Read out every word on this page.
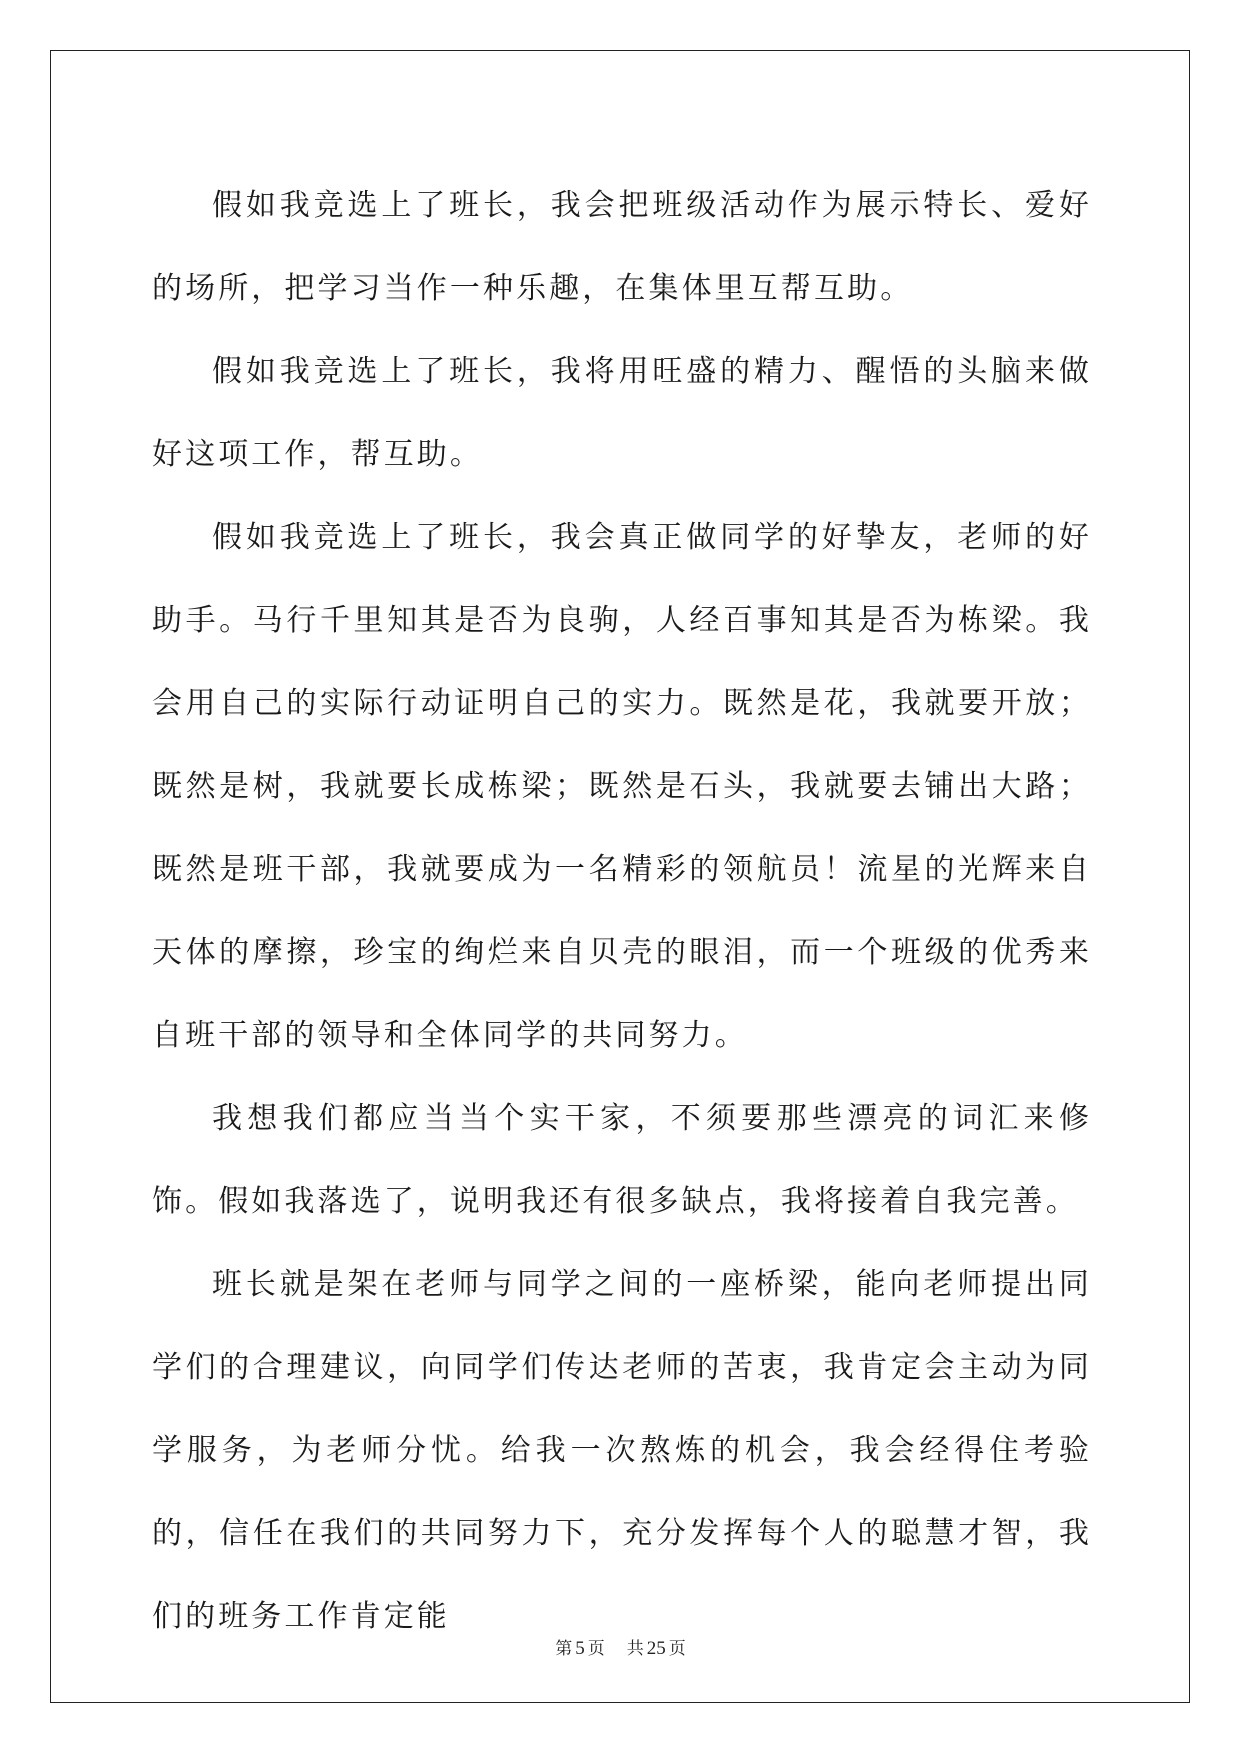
假如我竞选上了班长，我会把班级活动作为展示特长、爱好的场所，把学习当作一种乐趣，在集体里互帮互助。

假如我竞选上了班长，我将用旺盛的精力、醒悟的头脑来做好这项工作，帮互助。

假如我竞选上了班长，我会真正做同学的好挚友，老师的好助手。马行千里知其是否为良驹，人经百事知其是否为栋梁。我会用自己的实际行动证明自己的实力。既然是花，我就要开放；既然是树，我就要长成栋梁；既然是石头，我就要去铺出大路；既然是班干部，我就要成为一名精彩的领航员！流星的光辉来自天体的摩擦，珍宝的绚烂来自贝壳的眼泪，而一个班级的优秀来自班干部的领导和全体同学的共同努力。

我想我们都应当当个实干家，不须要那些漂亮的词汇来修饰。假如我落选了，说明我还有很多缺点，我将接着自我完善。

班长就是架在老师与同学之间的一座桥梁，能向老师提出同学们的合理建议，向同学们传达老师的苦衷，我肯定会主动为同学服务，为老师分忧。给我一次熬炼的机会，我会经得住考验的，信任在我们的共同努力下，充分发挥每个人的聪慧才智，我们的班务工作肯定能

第 5 页 共 25 页
